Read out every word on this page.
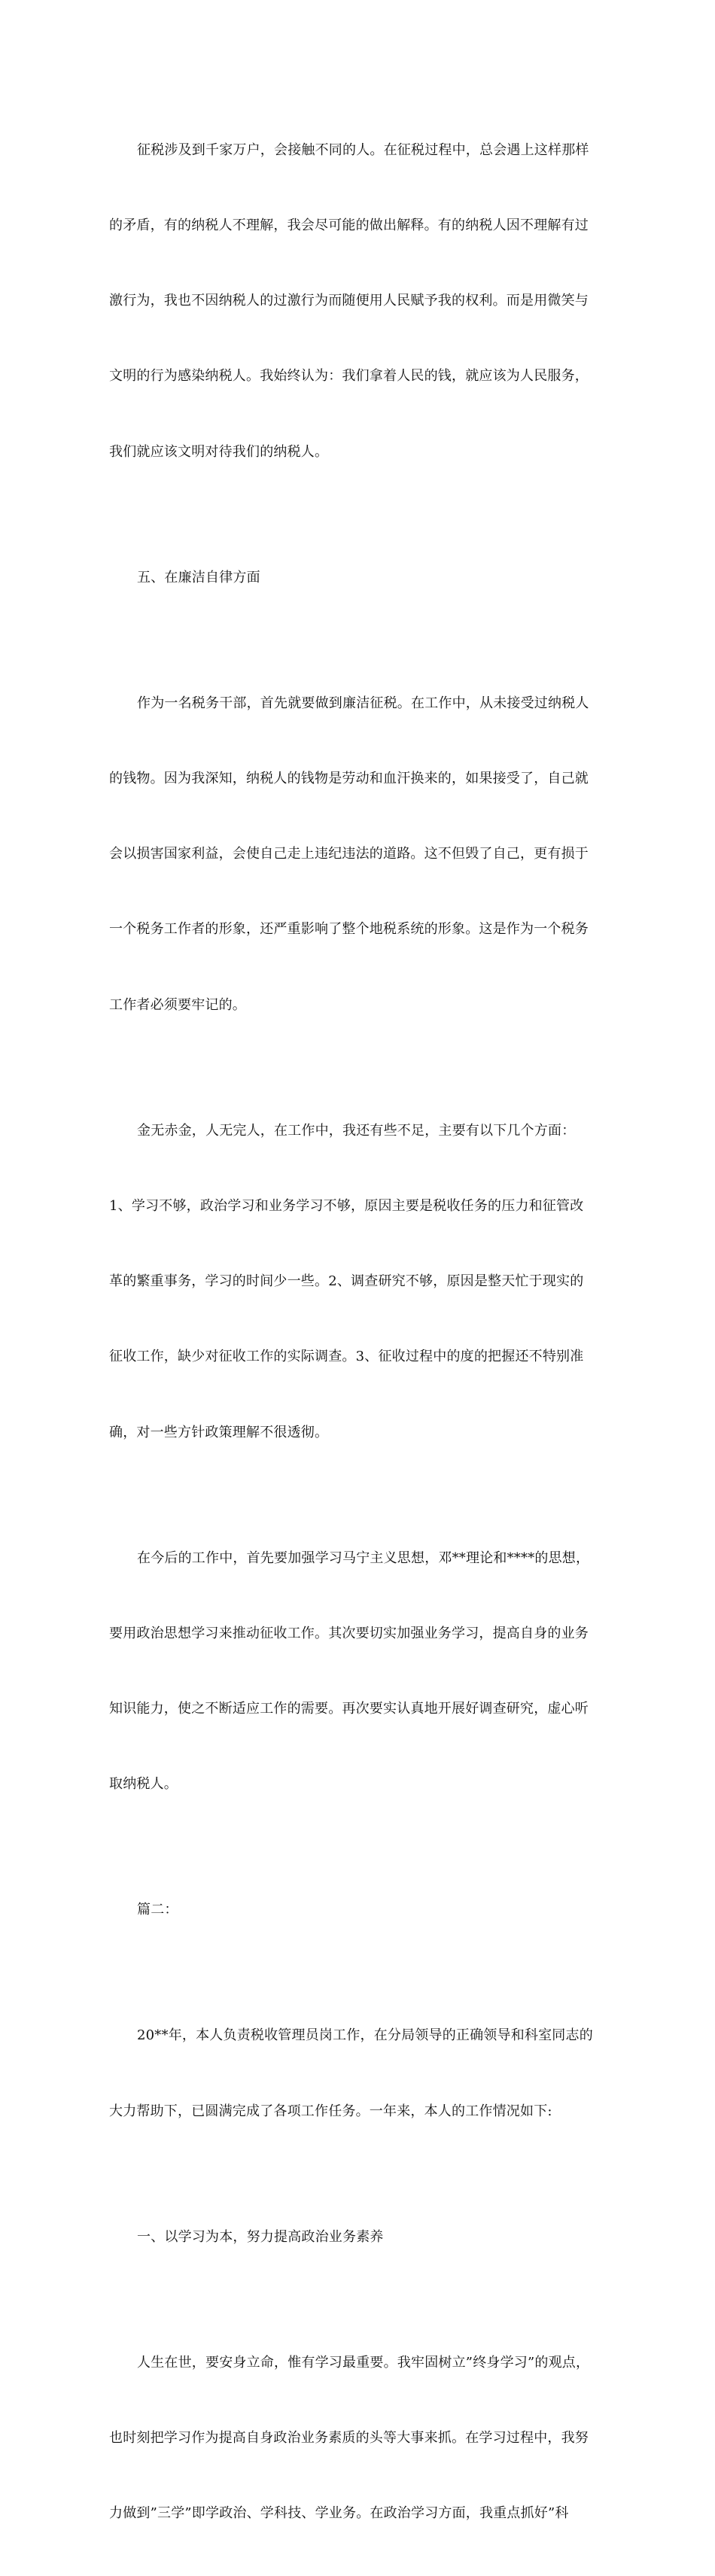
征税涉及到千家万户，会接触不同的人。在征税过程中，总会遇上这样那样

的矛盾，有的纳税人不理解，我会尽可能的做出解释。有的纳税人因不理解有过

激行为，我也不因纳税人的过激行为而随便用人民赋予我的权利。而是用微笑与

文明的行为感染纳税人。我始终认为：我们拿着人民的钱，就应该为人民服务，

我们就应该文明对待我们的纳税人。

五、在廉洁自律方面

作为一名税务干部，首先就要做到廉洁征税。在工作中，从未接受过纳税人

的钱物。因为我深知，纳税人的钱物是劳动和血汗换来的，如果接受了，自己就

会以损害国家利益，会使自己走上违纪违法的道路。这不但毁了自己，更有损于

一个税务工作者的形象，还严重影响了整个地税系统的形象。这是作为一个税务

工作者必须要牢记的。

金无赤金，人无完人，在工作中，我还有些不足，主要有以下几个方面：

1、学习不够，政治学习和业务学习不够，原因主要是税收任务的压力和征管改

革的繁重事务，学习的时间少一些。2、调查研究不够，原因是整天忙于现实的

征收工作，缺少对征收工作的实际调查。3、征收过程中的度的把握还不特别准

确，对一些方针政策理解不很透彻。

在今后的工作中，首先要加强学习马宁主义思想，邓**理论和****的思想，

要用政治思想学习来推动征收工作。其次要切实加强业务学习，提高自身的业务

知识能力，使之不断适应工作的需要。再次要实认真地开展好调查研究，虚心听

取纳税人。

篇二：

20**年，本人负责税收管理员岗工作，在分局领导的正确领导和科室同志的

大力帮助下，已圆满完成了各项工作任务。一年来，本人的工作情况如下:

一、以学习为本，努力提高政治业务素养

人生在世，要安身立命，惟有学习最重要。我牢固树立”终身学习”的观点，

也时刻把学习作为提高自身政治业务素质的头等大事来抓。在学习过程中，我努

力做到”三学”即学政治、学科技、学业务。在政治学习方面，我重点抓好”科
